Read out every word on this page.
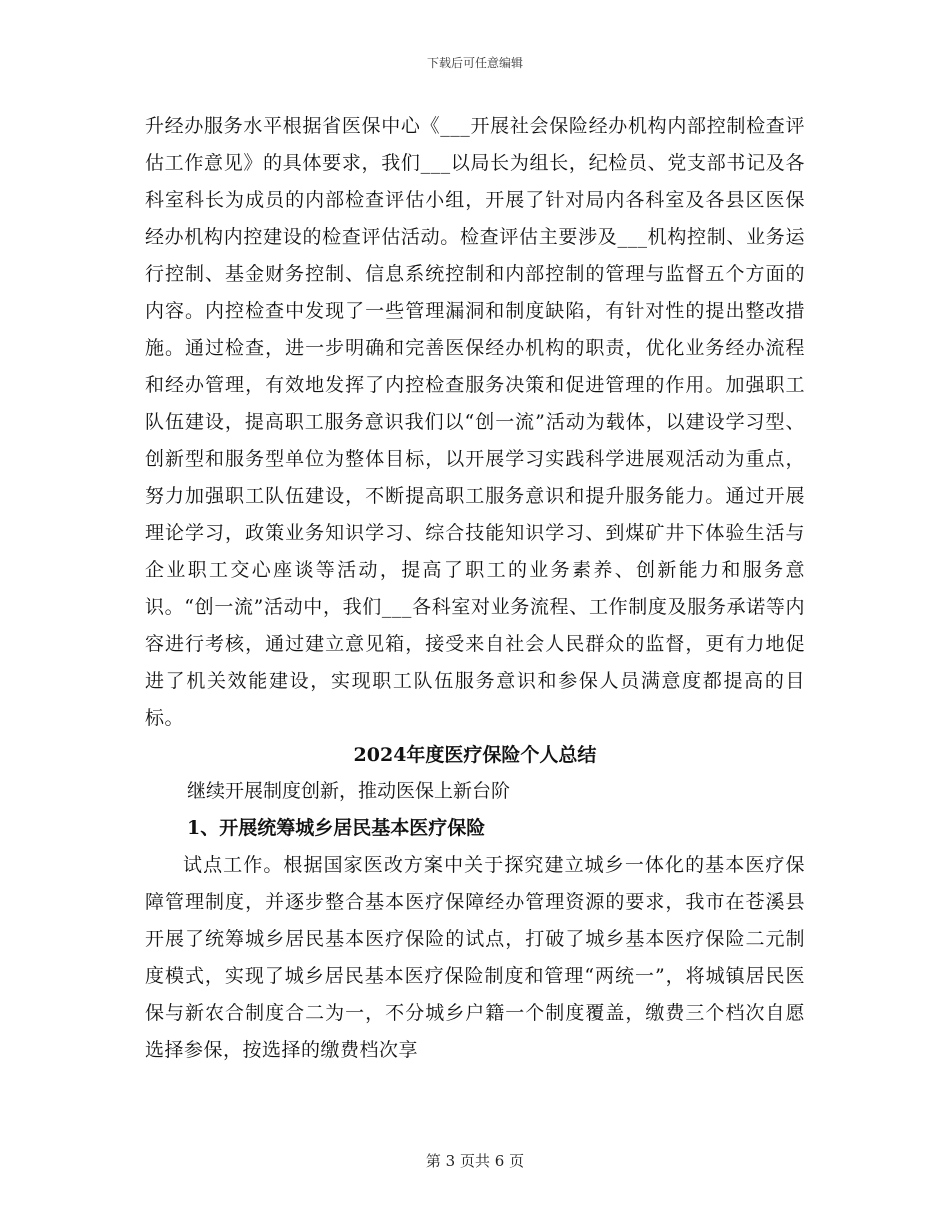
下载后可任意编辑

升经办服务水平根据省医保中心《___开展社会保险经办机构内部控制检查评估工作意见》的具体要求，我们___以局长为组长，纪检员、党支部书记及各科室科长为成员的内部检查评估小组，开展了针对局内各科室及各县区医保经办机构内控建设的检查评估活动。检查评估主要涉及___机构控制、业务运行控制、基金财务控制、信息系统控制和内部控制的管理与监督五个方面的内容。内控检查中发现了一些管理漏洞和制度缺陷，有针对性的提出整改措施。通过检查，进一步明确和完善医保经办机构的职责，优化业务经办流程和经办管理，有效地发挥了内控检查服务决策和促进管理的作用。加强职工队伍建设，提高职工服务意识我们以“创一流”活动为载体，以建设学习型、创新型和服务型单位为整体目标，以开展学习实践科学进展观活动为重点，努力加强职工队伍建设，不断提高职工服务意识和提升服务能力。通过开展理论学习，政策业务知识学习、综合技能知识学习、到煤矿井下体验生活与企业职工交心座谈等活动，提高了职工的业务素养、创新能力和服务意识。“创一流”活动中，我们___各科室对业务流程、工作制度及服务承诺等内容进行考核，通过建立意见箱，接受来自社会人民群众的监督，更有力地促进了机关效能建设，实现职工队伍服务意识和参保人员满意度都提高的目标。

2024年度医疗保险个人总结

继续开展制度创新，推动医保上新台阶

1、开展统筹城乡居民基本医疗保险

试点工作。根据国家医改方案中关于探究建立城乡一体化的基本医疗保障管理制度，并逐步整合基本医疗保障经办管理资源的要求，我市在苍溪县开展了统筹城乡居民基本医疗保险的试点，打破了城乡基本医疗保险二元制度模式，实现了城乡居民基本医疗保险制度和管理“两统一”，将城镇居民医保与新农合制度合二为一，不分城乡户籍一个制度覆盖，缴费三个档次自愿选择参保，按选择的缴费档次享

第 3 页共 6 页
